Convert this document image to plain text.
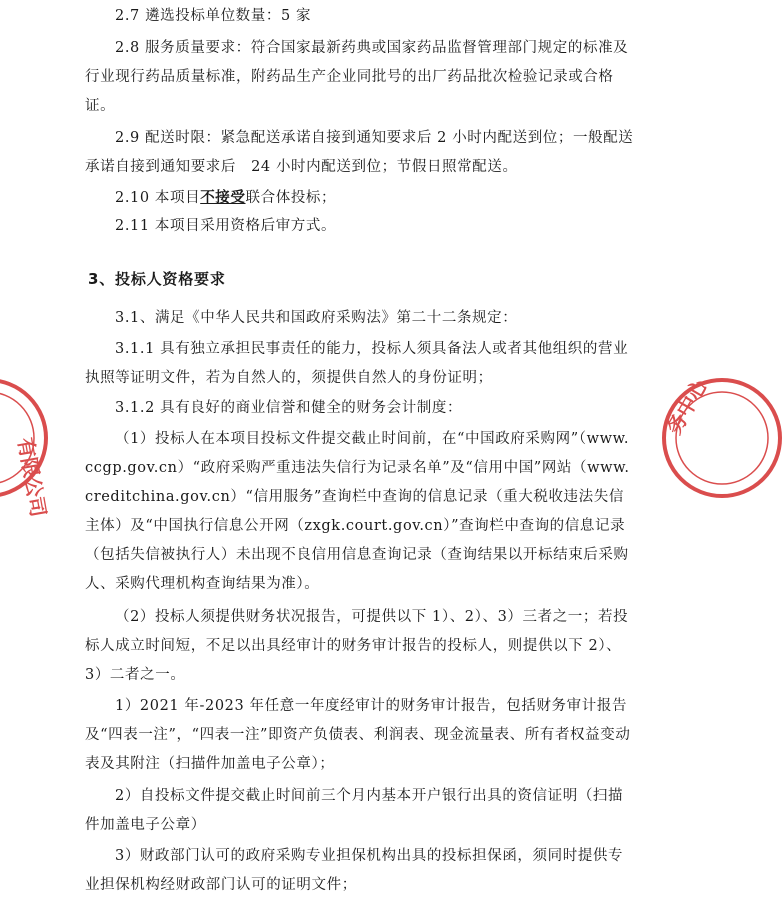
2.7 遴选投标单位数量：5 家

2.8 服务质量要求：符合国家最新药典或国家药品监督管理部门规定的标准及行业现行药品质量标准，附药品生产企业同批号的出厂药品批次检验记录或合格证。

2.9 配送时限：紧急配送承诺自接到通知要求后 2 小时内配送到位；一般配送承诺自接到通知要求后　24 小时内配送到位；节假日照常配送。

2.10 本项目不接受联合体投标；

2.11 本项目采用资格后审方式。

3、投标人资格要求

3.1、满足《中华人民共和国政府采购法》第二十二条规定：

3.1.1 具有独立承担民事责任的能力，投标人须具备法人或者其他组织的营业执照等证明文件，若为自然人的，须提供自然人的身份证明；

3.1.2 具有良好的商业信誉和健全的财务会计制度：

（1）投标人在本项目投标文件提交截止时间前，在“中国政府采购网”（www.ccgp.gov.cn）“政府采购严重违法失信行为记录名单”及“信用中国”网站（www.creditchina.gov.cn）“信用服务”查询栏中查询的信息记录（重大税收违法失信主体）及“中国执行信息公开网（zxgk.court.gov.cn）”查询栏中查询的信息记录（包括失信被执行人）未出现不良信用信息查询记录（查询结果以开标结束后采购人、采购代理机构查询结果为准）。

（2）投标人须提供财务状况报告，可提供以下 1）、2）、3）三者之一；若投标人成立时间短，不足以出具经审计的财务审计报告的投标人，则提供以下 2）、3）二者之一。

1）2021 年-2023 年任意一年度经审计的财务审计报告，包括财务审计报告及“四表一注”，“四表一注”即资产负债表、利润表、现金流量表、所有者权益变动表及其附注（扫描件加盖电子公章）；

2）自投标文件提交截止时间前三个月内基本开户银行出具的资信证明（扫描件加盖电子公章）

3）财政部门认可的政府采购专业担保机构出具的投标担保函，须同时提供专业担保机构经财政部门认可的证明文件；

有限公司
务中心
